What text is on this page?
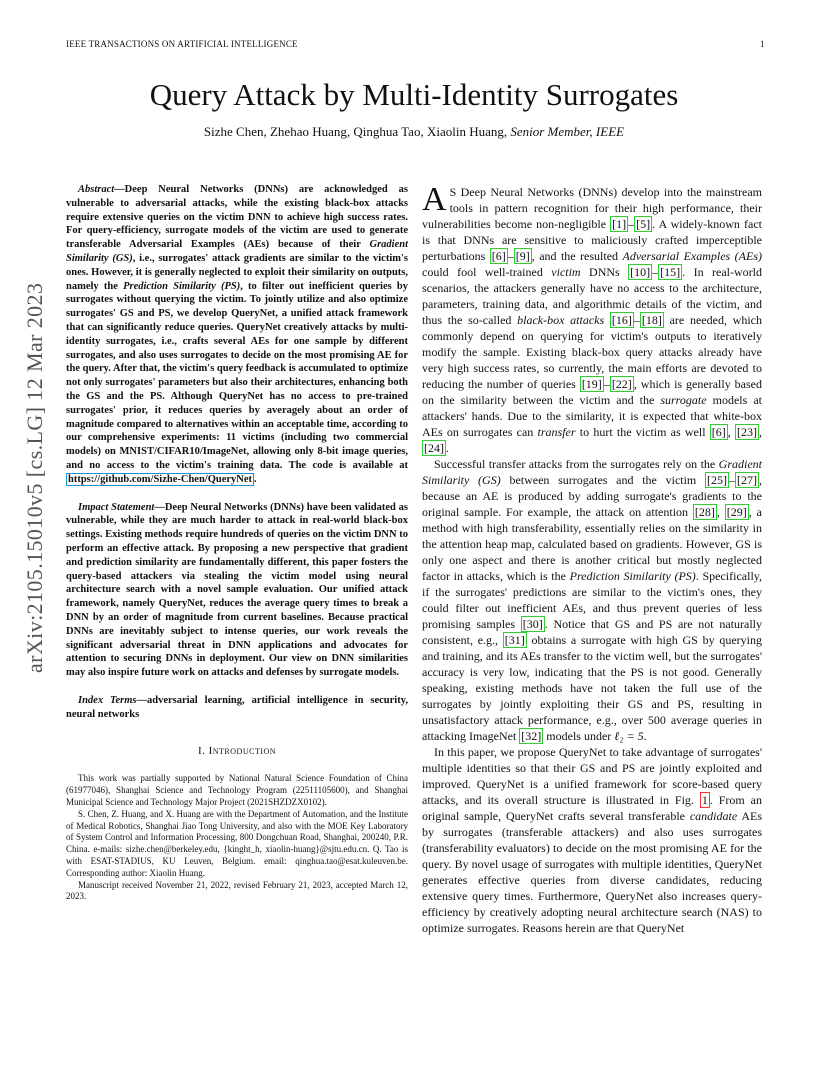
IEEE TRANSACTIONS ON ARTIFICIAL INTELLIGENCE	1
Query Attack by Multi-Identity Surrogates
Sizhe Chen, Zhehao Huang, Qinghua Tao, Xiaolin Huang, Senior Member, IEEE
arXiv:2105.15010v5 [cs.LG] 12 Mar 2023

Abstract—Deep Neural Networks (DNNs) are acknowledged as vulnerable to adversarial attacks, while the existing black-box attacks require extensive queries on the victim DNN to achieve high success rates. For query-efficiency, surrogate models of the victim are used to generate transferable Adversarial Examples (AEs) because of their Gradient Similarity (GS), i.e., surrogates' attack gradients are similar to the victim's ones. However, it is generally neglected to exploit their similarity on outputs, namely the Prediction Similarity (PS), to filter out inefficient queries by surrogates without querying the victim. To jointly utilize and also optimize surrogates' GS and PS, we develop QueryNet, a unified attack framework that can significantly reduce queries. QueryNet creatively attacks by multi-identity surrogates, i.e., crafts several AEs for one sample by different surrogates, and also uses surrogates to decide on the most promising AE for the query. After that, the victim's query feedback is accumulated to optimize not only surrogates' parameters but also their architectures, enhancing both the GS and the PS. Although QueryNet has no access to pre-trained surrogates' prior, it reduces queries by averagely about an order of magnitude compared to alternatives within an acceptable time, according to our comprehensive experiments: 11 victims (including two commercial models) on MNIST/CIFAR10/ImageNet, allowing only 8-bit image queries, and no access to the victim's training data. The code is available at https://github.com/Sizhe-Chen/QueryNet .

Impact Statement—Deep Neural Networks (DNNs) have been validated as vulnerable, while they are much harder to attack in real-world black-box settings. Existing methods require hundreds of queries on the victim DNN to perform an effective attack. By proposing a new perspective that gradient and prediction similarity are fundamentally different, this paper fosters the query-based attackers via stealing the victim model using neural architecture search with a novel sample evaluation. Our unified attack framework, namely QueryNet, reduces the average query times to break a DNN by an order of magnitude from current baselines. Because practical DNNs are inevitably subject to intense queries, our work reveals the significant adversarial threat in DNN applications and advocates for attention to securing DNNs in deployment. Our view on DNN similarities may also inspire future work on attacks and defenses by surrogate models.

Index Terms—adversarial learning, artificial intelligence in security, neural networks

I. Introduction

This work was partially supported by National Natural Science Foundation of China (61977046), Shanghai Science and Technology Program (22511105600), and Shanghai Municipal Science and Technology Major Project (2021SHZDZX0102).

S. Chen, Z. Huang, and X. Huang are with the Department of Automation, and the Institute of Medical Robotics, Shanghai Jiao Tong University, and also with the MOE Key Laboratory of System Control and Information Processing, 800 Dongchuan Road, Shanghai, 200240, P.R. China. e-mails: sizhe.chen@berkeley.edu, {kinght_h, xiaolin-huang}@sjtu.edu.cn. Q. Tao is with ESAT-STADIUS, KU Leuven, Belgium. email: qinghua.tao@esat.kuleuven.be. Corresponding author: Xiaolin Huang.

Manuscript received November 21, 2022, revised February 21, 2023, accepted March 12, 2023.

A S Deep Neural Networks (DNNs) develop into the mainstream tools in pattern recognition for their high performance, their vulnerabilities become non-negligible [1] – [5] . A widely-known fact is that DNNs are sensitive to maliciously crafted imperceptible perturbations [6] – [9] , and the resulted Adversarial Examples (AEs) could fool well-trained victim DNNs [10] – [15] . In real-world scenarios, the attackers generally have no access to the architecture, parameters, training data, and algorithmic details of the victim, and thus the so-called black-box attacks [16] – [18] are needed, which commonly depend on querying for victim's outputs to iteratively modify the sample. Existing black-box query attacks already have very high success rates, so currently, the main efforts are devoted to reducing the number of queries [19] – [22] , which is generally based on the similarity between the victim and the surrogate models at attackers' hands. Due to the similarity, it is expected that white-box AEs on surrogates can transfer to hurt the victim as well [6] , [23] , [24] .

Successful transfer attacks from the surrogates rely on the Gradient Similarity (GS) between surrogates and the victim [25] – [27] , because an AE is produced by adding surrogate's gradients to the original sample. For example, the attack on attention [28] , [29] , a method with high transferability, essentially relies on the similarity in the attention heap map, calculated based on gradients. However, GS is only one aspect and there is another critical but mostly neglected factor in attacks, which is the Prediction Similarity (PS). Specifically, if the surrogates' predictions are similar to the victim's ones, they could filter out inefficient AEs, and thus prevent queries of less promising samples [30] . Notice that GS and PS are not naturally consistent, e.g., [31] obtains a surrogate with high GS by querying and training, and its AEs transfer to the victim well, but the surrogates' accuracy is very low, indicating that the PS is not good. Generally speaking, existing methods have not taken the full use of the surrogates by jointly exploiting their GS and PS, resulting in unsatisfactory attack performance, e.g., over 500 average queries in attacking ImageNet [32] models under ℓ₂ = 5.

In this paper, we propose QueryNet to take advantage of surrogates' multiple identities so that their GS and PS are jointly exploited and improved. QueryNet is a unified framework for score-based query attacks, and its overall structure is illustrated in Fig. 1 . From an original sample, QueryNet crafts several transferable candidate AEs by surrogates (transferable attackers) and also uses surrogates (transferability evaluators) to decide on the most promising AE for the query. By novel usage of surrogates with multiple identities, QueryNet generates effective queries from diverse candidates, reducing extensive query times. Furthermore, QueryNet also increases query-efficiency by creatively adopting neural architecture search (NAS) to optimize surrogates. Reasons herein are that QueryNet
